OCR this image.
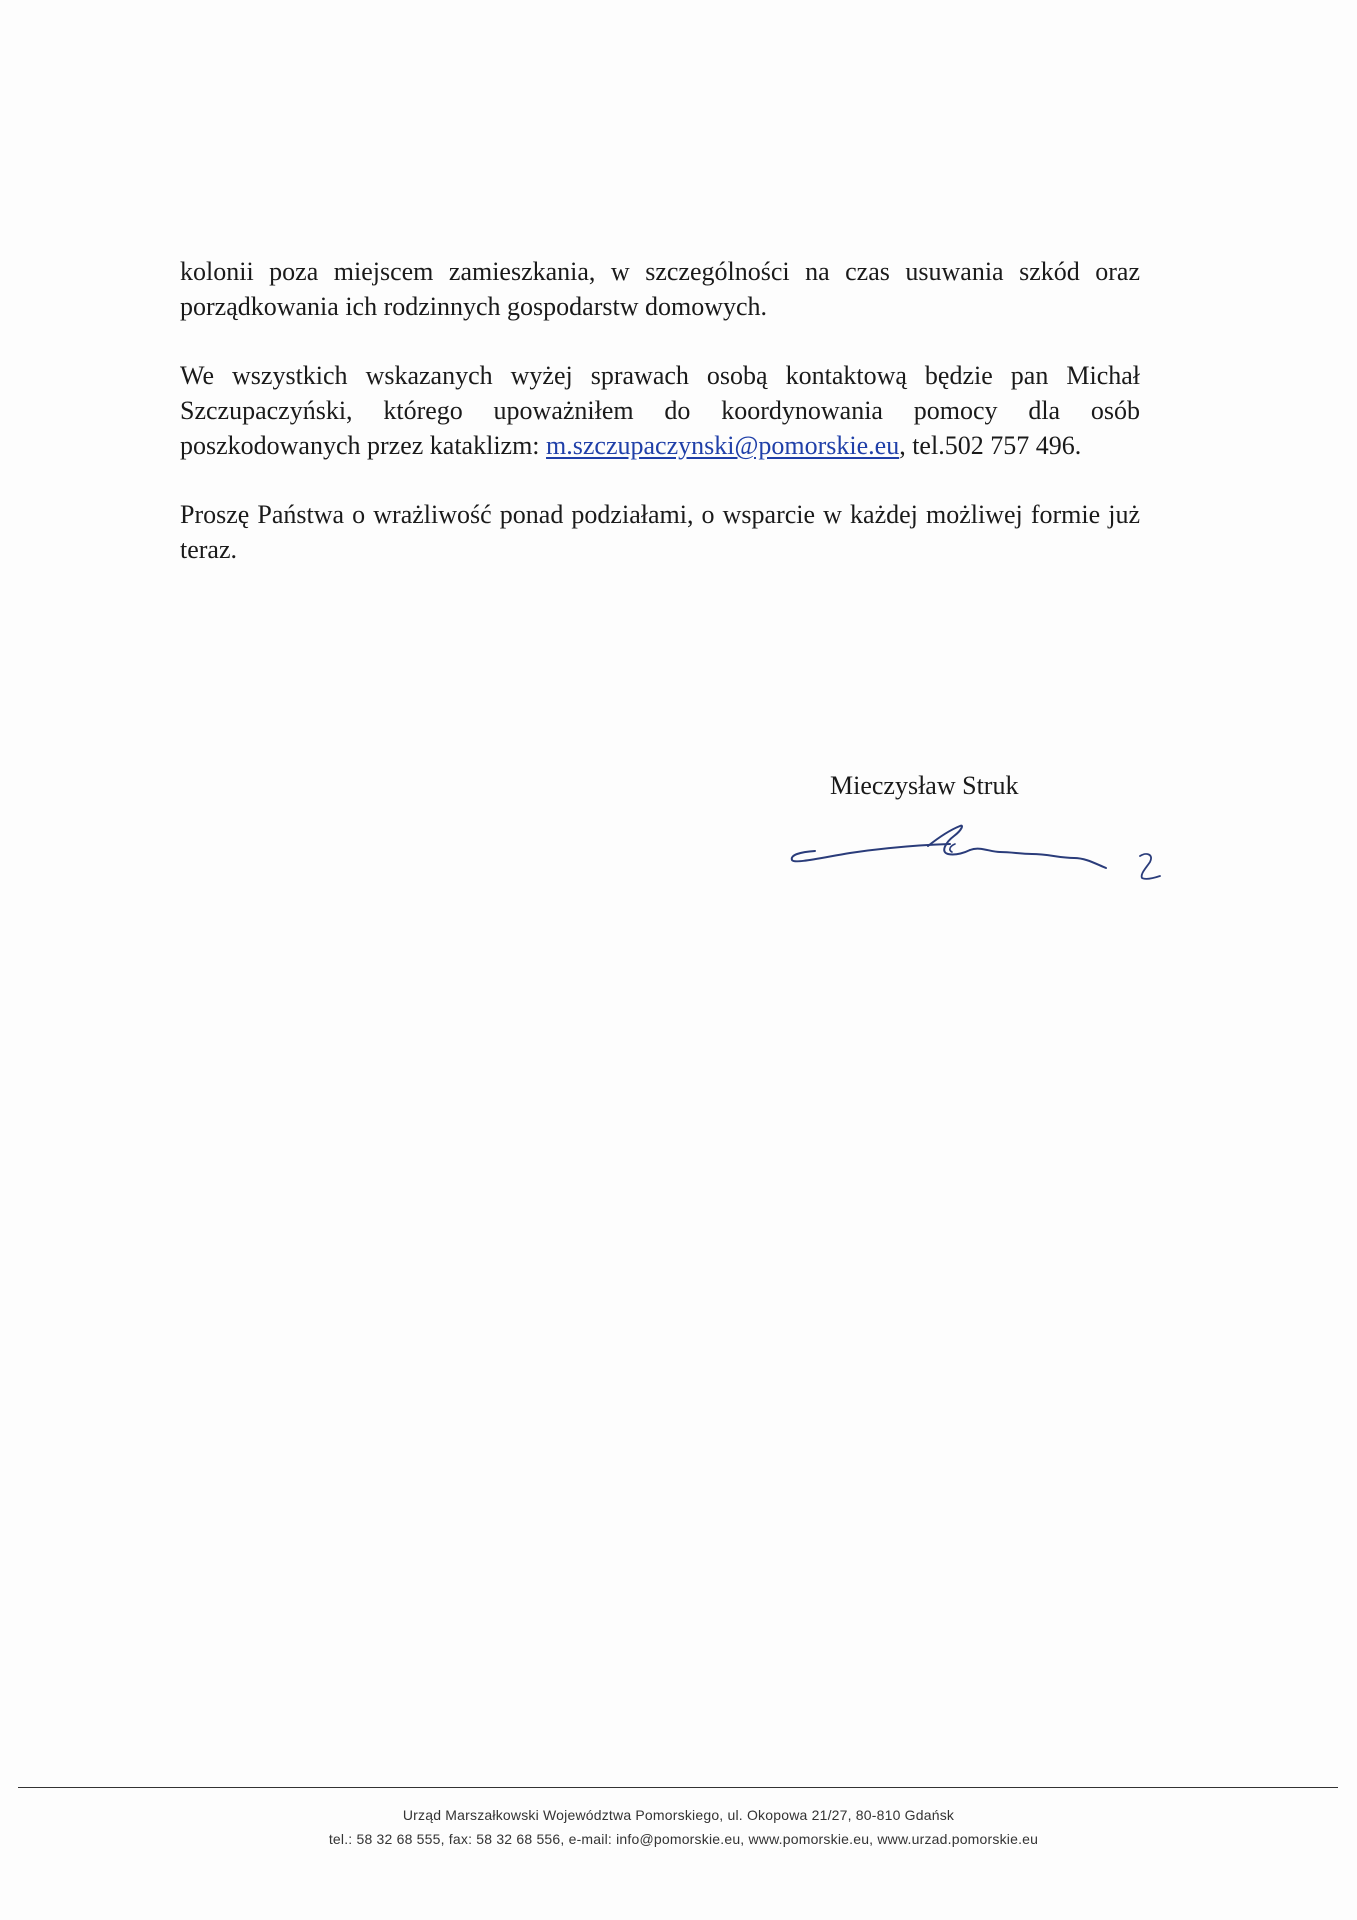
kolonii poza miejscem zamieszkania, w szczególności na czas usuwania szkód oraz porządkowania ich rodzinnych gospodarstw domowych.

We wszystkich wskazanych wyżej sprawach osobą kontaktową będzie pan Michał Szczupaczyński, którego upoważniłem do koordynowania pomocy dla osób poszkodowanych przez kataklizm: m.szczupaczynski@pomorskie.eu, tel.502 757 496.

Proszę Państwa o wrażliwość ponad podziałami, o wsparcie w każdej możliwej formie już teraz.

Mieczysław Struk
Urząd Marszałkowski Województwa Pomorskiego, ul. Okopowa 21/27, 80-810 Gdańsk
tel.: 58 32 68 555, fax: 58 32 68 556, e-mail: info@pomorskie.eu, www.pomorskie.eu, www.urzad.pomorskie.eu
